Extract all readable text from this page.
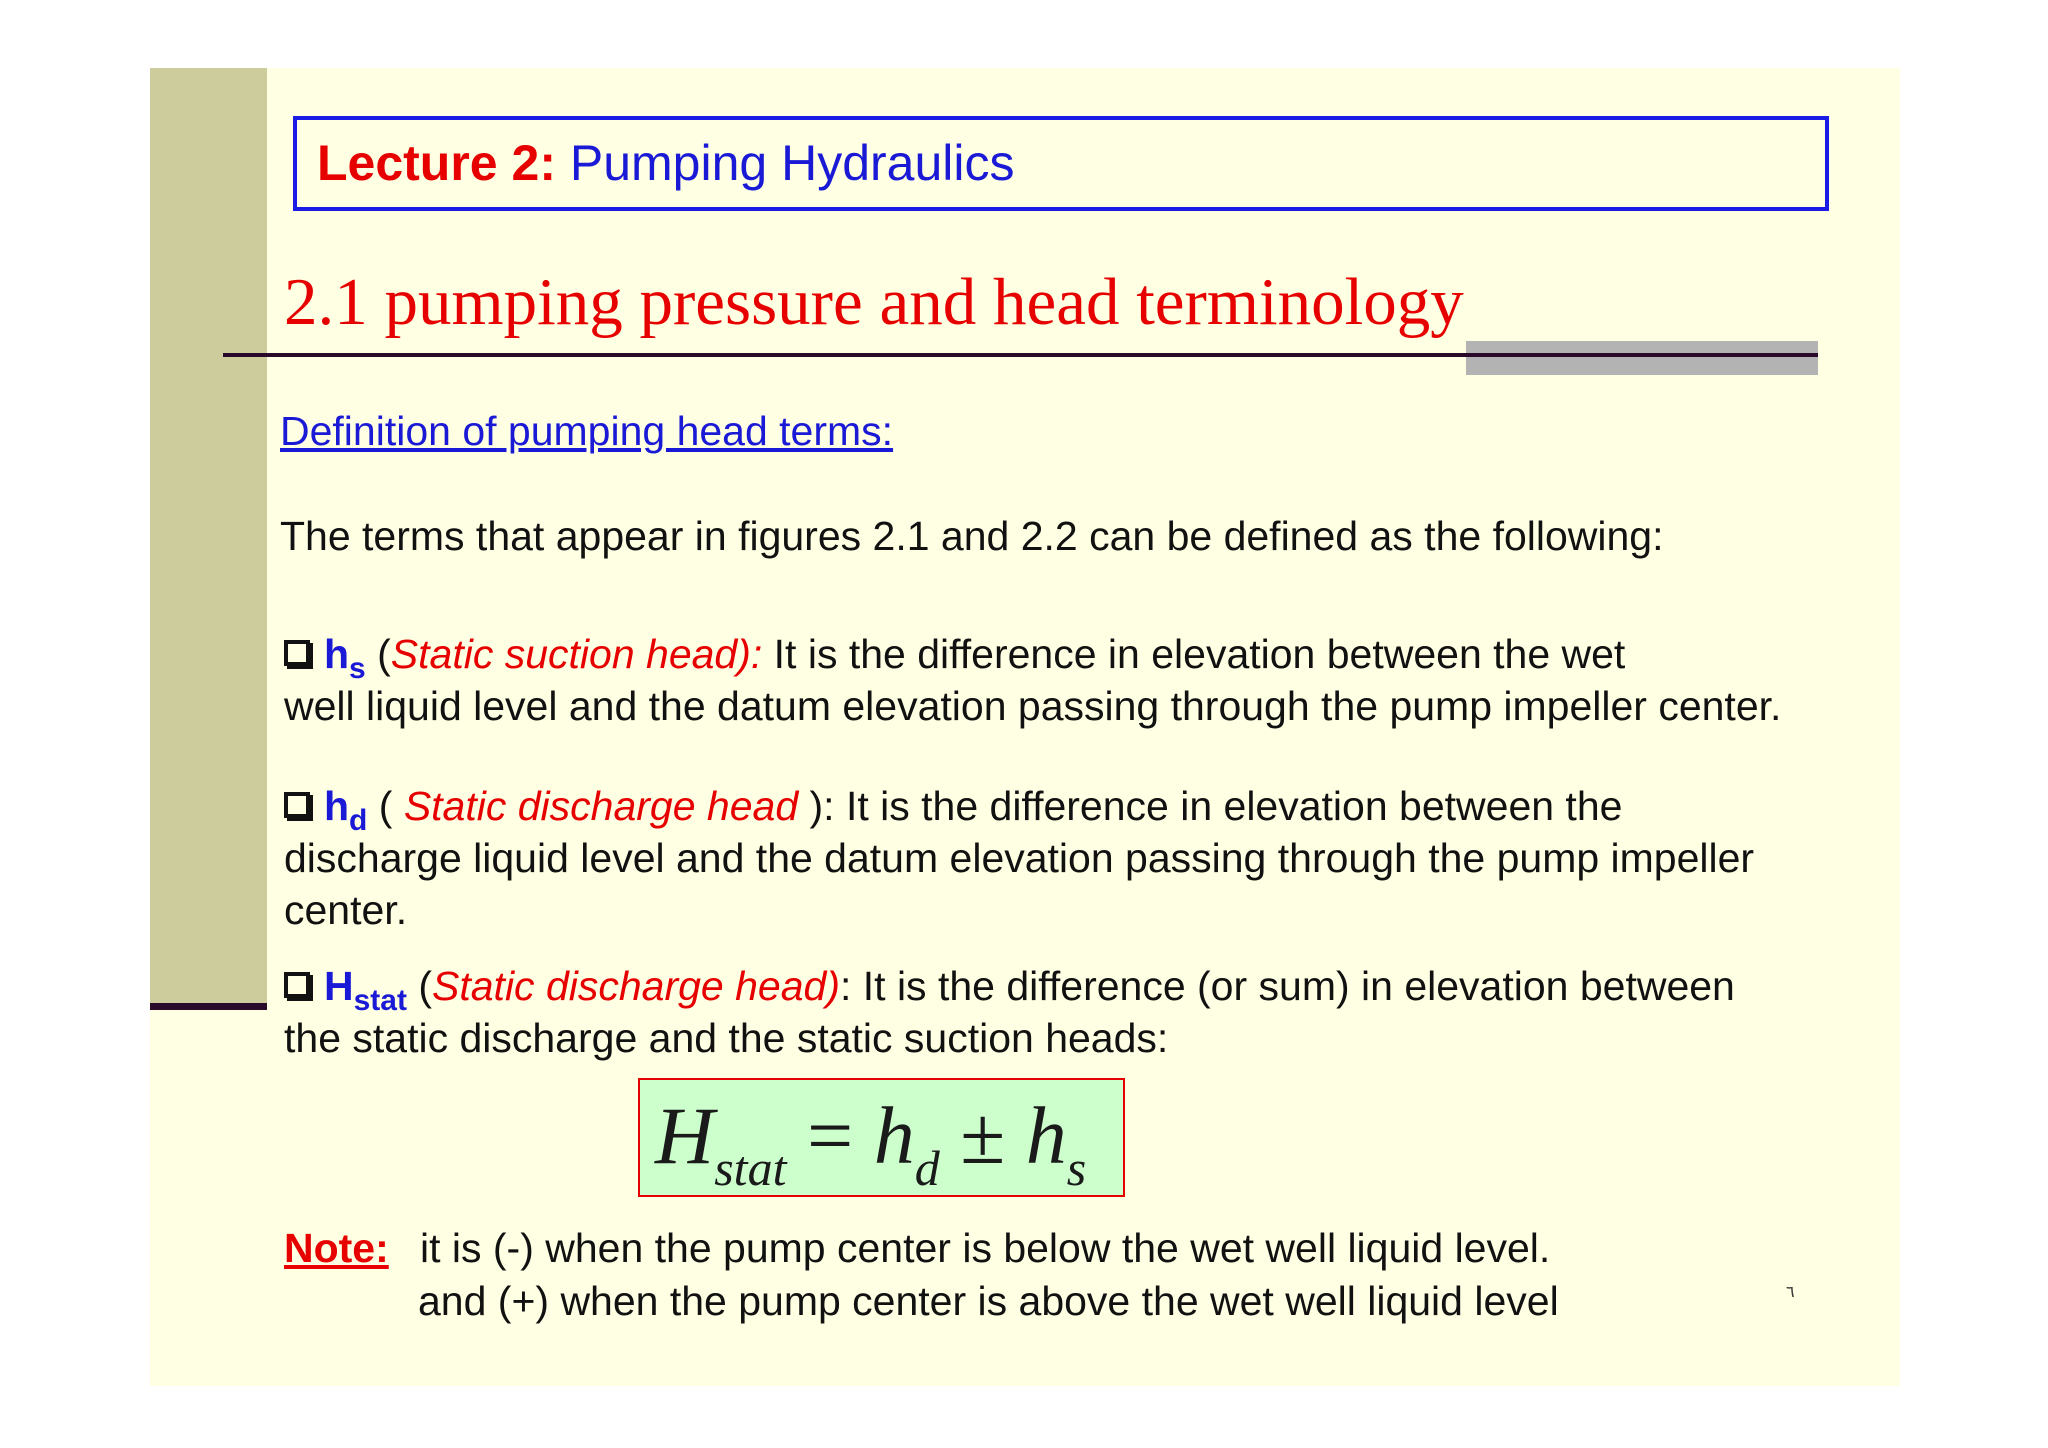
Lecture 2: Pumping Hydraulics
2.1 pumping pressure and head terminology
Definition of pumping head terms:
The terms that appear in figures 2.1 and 2.2 can be defined as the following:
$h_s$ (Static suction head): It is the difference in elevation between the wet
well liquid level and the datum elevation passing through the pump impeller center.
$h_d$ ( Static discharge head ): It is the difference in elevation between the
discharge liquid level and the datum elevation passing through the pump impeller
center.
$H_{stat}$ (Static discharge head): It is the difference (or sum) in elevation between
the static discharge and the static suction heads:
$H_{stat} = h_d \pm h_s$
Note: it is (-) when the pump center is below the wet well liquid level.
and (+) when the pump center is above the wet well liquid level	٦
